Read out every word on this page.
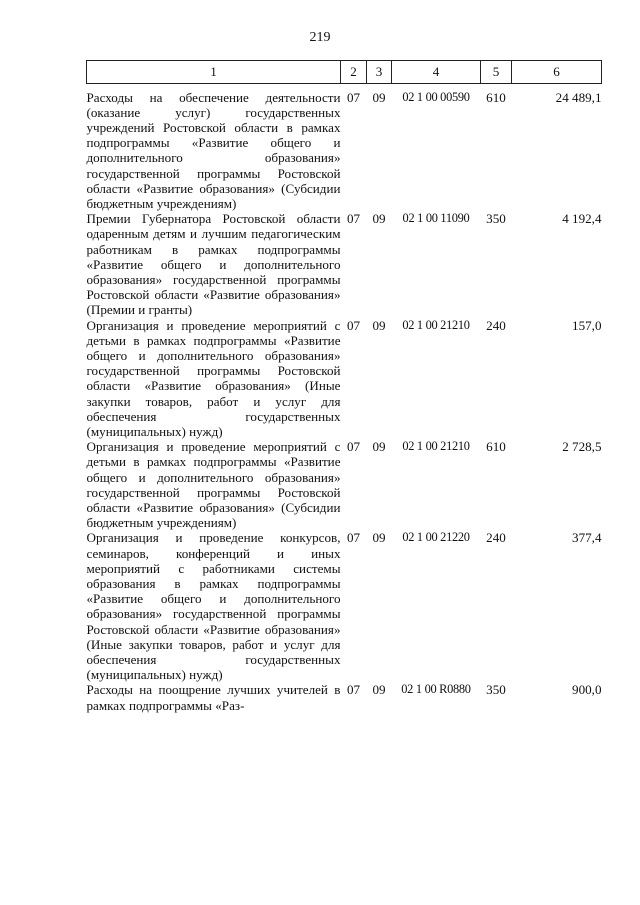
219
1	2	3	4	5	6

Расходы на обеспечение деятельности (оказание услуг) государственных учреждений Ростовской области в рамках подпрограммы «Развитие общего и дополнительного образования» государственной программы Ростовской области «Развитие образования» (Субсидии бюджетным учреждениям)	07	09	02 1 00 00590	610	24 489,1
Премии Губернатора Ростовской области одаренным детям и лучшим педагогическим работникам в рамках подпрограммы «Развитие общего и дополнительного образования» государственной программы Ростовской области «Развитие образования» (Премии и гранты)	07	09	02 1 00 11090	350	4 192,4
Организация и проведение мероприятий с детьми в рамках подпрограммы «Развитие общего и дополнительного образования» государственной программы Ростовской области «Развитие образования» (Иные закупки товаров, работ и услуг для обеспечения государственных (муниципальных) нужд)	07	09	02 1 00 21210	240	157,0
Организация и проведение мероприятий с детьми в рамках подпрограммы «Развитие общего и дополнительного образования» государственной программы Ростовской области «Развитие образования» (Субсидии бюджетным учреждениям)	07	09	02 1 00 21210	610	2 728,5
Организация и проведение конкурсов, семинаров, конференций и иных мероприятий с работниками системы образования в рамках подпрограммы «Развитие общего и дополнительного образования» государственной программы Ростовской области «Развитие образования» (Иные закупки товаров, работ и услуг для обеспечения государственных (муниципальных) нужд)	07	09	02 1 00 21220	240	377,4
Расходы на поощрение лучших учителей в рамках подпрограммы «Раз-	07	09	02 1 00 R0880	350	900,0
